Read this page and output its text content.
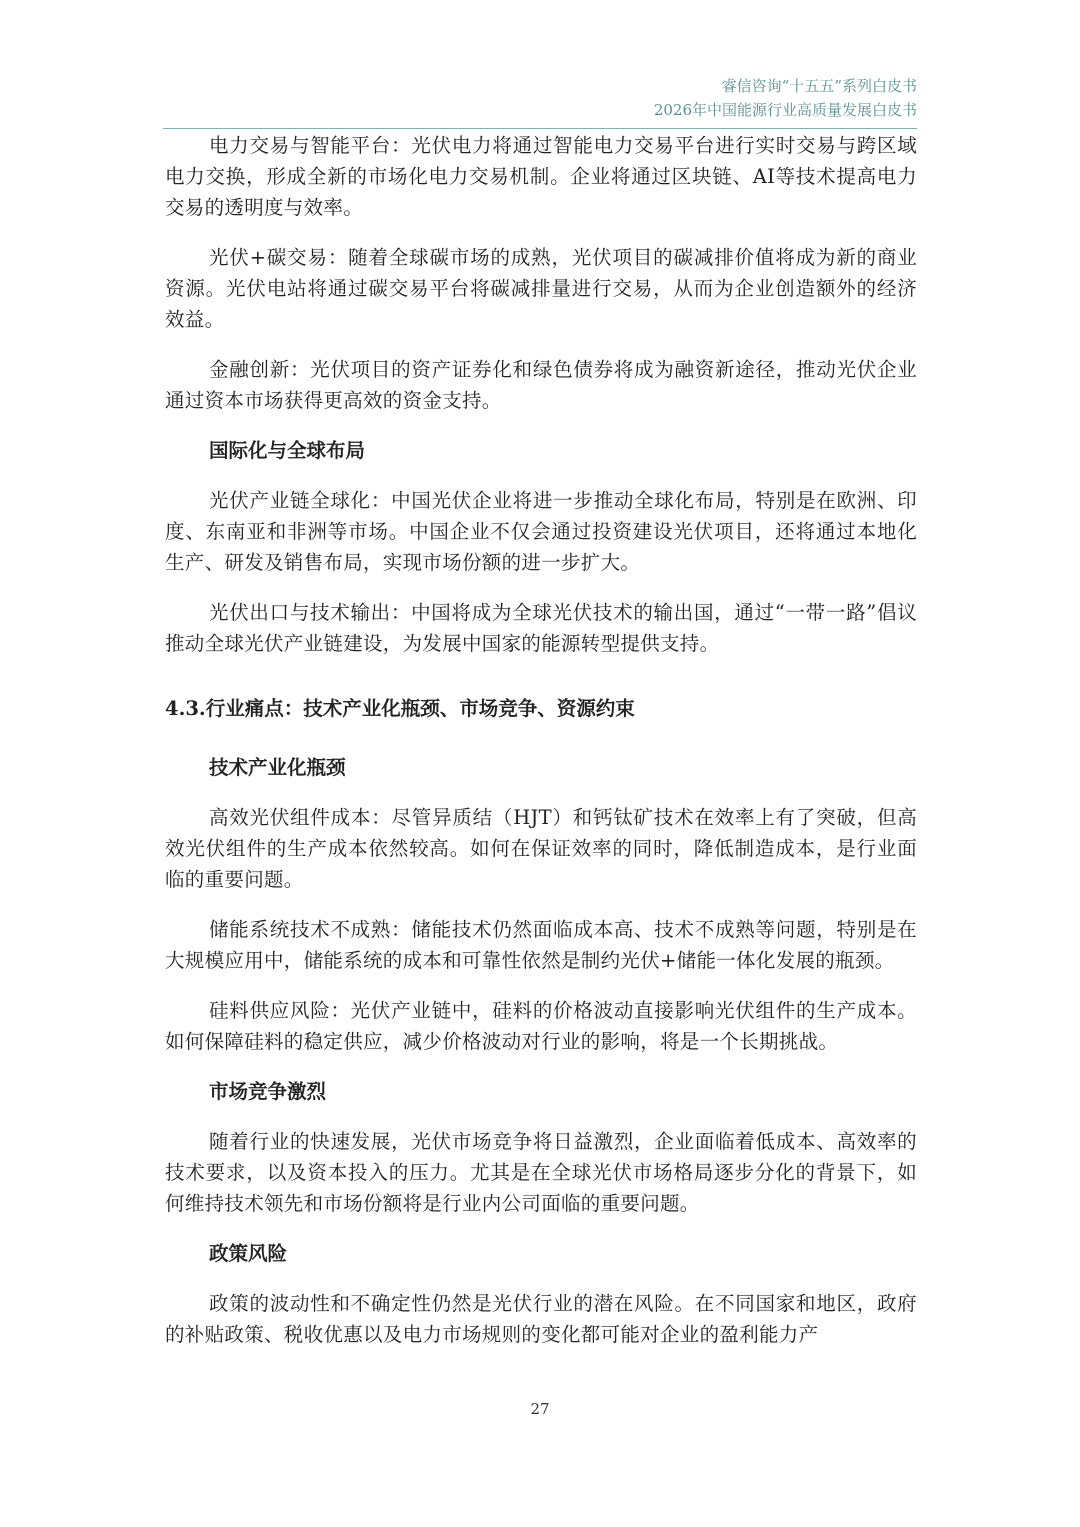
睿信咨询“十五五”系列白皮书
2026年中国能源行业高质量发展白皮书

电力交易与智能平台：光伏电力将通过智能电力交易平台进行实时交易与跨区域电力交换，形成全新的市场化电力交易机制。企业将通过区块链、AI等技术提高电力交易的透明度与效率。

光伏+碳交易：随着全球碳市场的成熟，光伏项目的碳减排价值将成为新的商业资源。光伏电站将通过碳交易平台将碳减排量进行交易，从而为企业创造额外的经济效益。

金融创新：光伏项目的资产证券化和绿色债券将成为融资新途径，推动光伏企业通过资本市场获得更高效的资金支持。

国际化与全球布局

光伏产业链全球化：中国光伏企业将进一步推动全球化布局，特别是在欧洲、印度、东南亚和非洲等市场。中国企业不仅会通过投资建设光伏项目，还将通过本地化生产、研发及销售布局，实现市场份额的进一步扩大。

光伏出口与技术输出：中国将成为全球光伏技术的输出国，通过“一带一路”倡议推动全球光伏产业链建设，为发展中国家的能源转型提供支持。

4.3.行业痛点：技术产业化瓶颈、市场竞争、资源约束
技术产业化瓶颈

高效光伏组件成本：尽管异质结（HJT）和钙钛矿技术在效率上有了突破，但高效光伏组件的生产成本依然较高。如何在保证效率的同时，降低制造成本，是行业面临的重要问题。

储能系统技术不成熟：储能技术仍然面临成本高、技术不成熟等问题，特别是在大规模应用中，储能系统的成本和可靠性依然是制约光伏+储能一体化发展的瓶颈。

硅料供应风险：光伏产业链中，硅料的价格波动直接影响光伏组件的生产成本。如何保障硅料的稳定供应，减少价格波动对行业的影响，将是一个长期挑战。

市场竞争激烈

随着行业的快速发展，光伏市场竞争将日益激烈，企业面临着低成本、高效率的技术要求，以及资本投入的压力。尤其是在全球光伏市场格局逐步分化的背景下，如何维持技术领先和市场份额将是行业内公司面临的重要问题。

政策风险

政策的波动性和不确定性仍然是光伏行业的潜在风险。在不同国家和地区，政府的补贴政策、税收优惠以及电力市场规则的变化都可能对企业的盈利能力产

27
